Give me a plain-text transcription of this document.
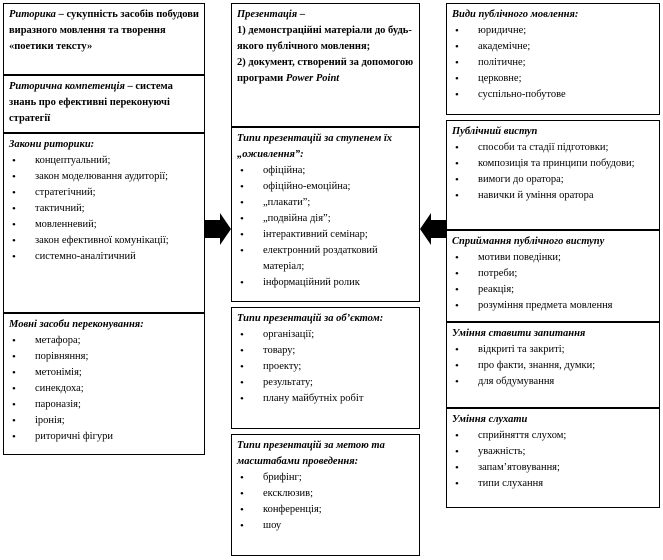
Риторика – сукупність засобів побудови виразного мовлення та творення «поетики тексту»
Риторична компетенція – система знань про ефективні переконуючі стратегії
Закони риторики:
• концептуальний;
• закон моделювання аудиторії;
• стратегічний;
• тактичний;
• мовленневий;
• закон ефективної комунікації;
• системно-аналітичний
Мовні засоби переконування:
• метафора;
• порівняння;
• метонімія;
• синекдоха;
• пароназія;
• іронія;
• риторичні фігури
Презентація –
1) демонстраційні матеріали до будь-якого публічного мовлення;
2) документ, створений за допомогою програми Power Point
Типи презентацій за ступенем їх „оживлення”:
• офіційна;
• офіційно-емоційна;
• „плакати”;
• „подвійна дія”;
• інтерактивний семінар;
• електронний роздатковий матеріал;
• інформаційний ролик
Типи презентацій за об’єктом:
• організації;
• товару;
• проекту;
• результату;
• плану майбутніх робіт
Типи презентацій за метою та масштабами проведення:
• брифінг;
• ексклюзив;
• конференція;
• шоу
Види публічного мовлення:
• юридичне;
• академічне;
• політичне;
• церковне;
• суспільно-побутове
Публічний виступ
• способи та стадії підготовки;
• композиція та принципи побудови;
• вимоги до оратора;
• навички й уміння оратора
Сприймання публічного виступу
• мотиви поведінки;
• потреби;
• реакція;
• розуміння предмета мовлення
Уміння ставити запитання
• відкриті та закриті;
• про факти, знання, думки;
• для обдумування
Уміння слухати
• сприйняття слухом;
• уважність;
• запам’ятовування;
• типи слухання
